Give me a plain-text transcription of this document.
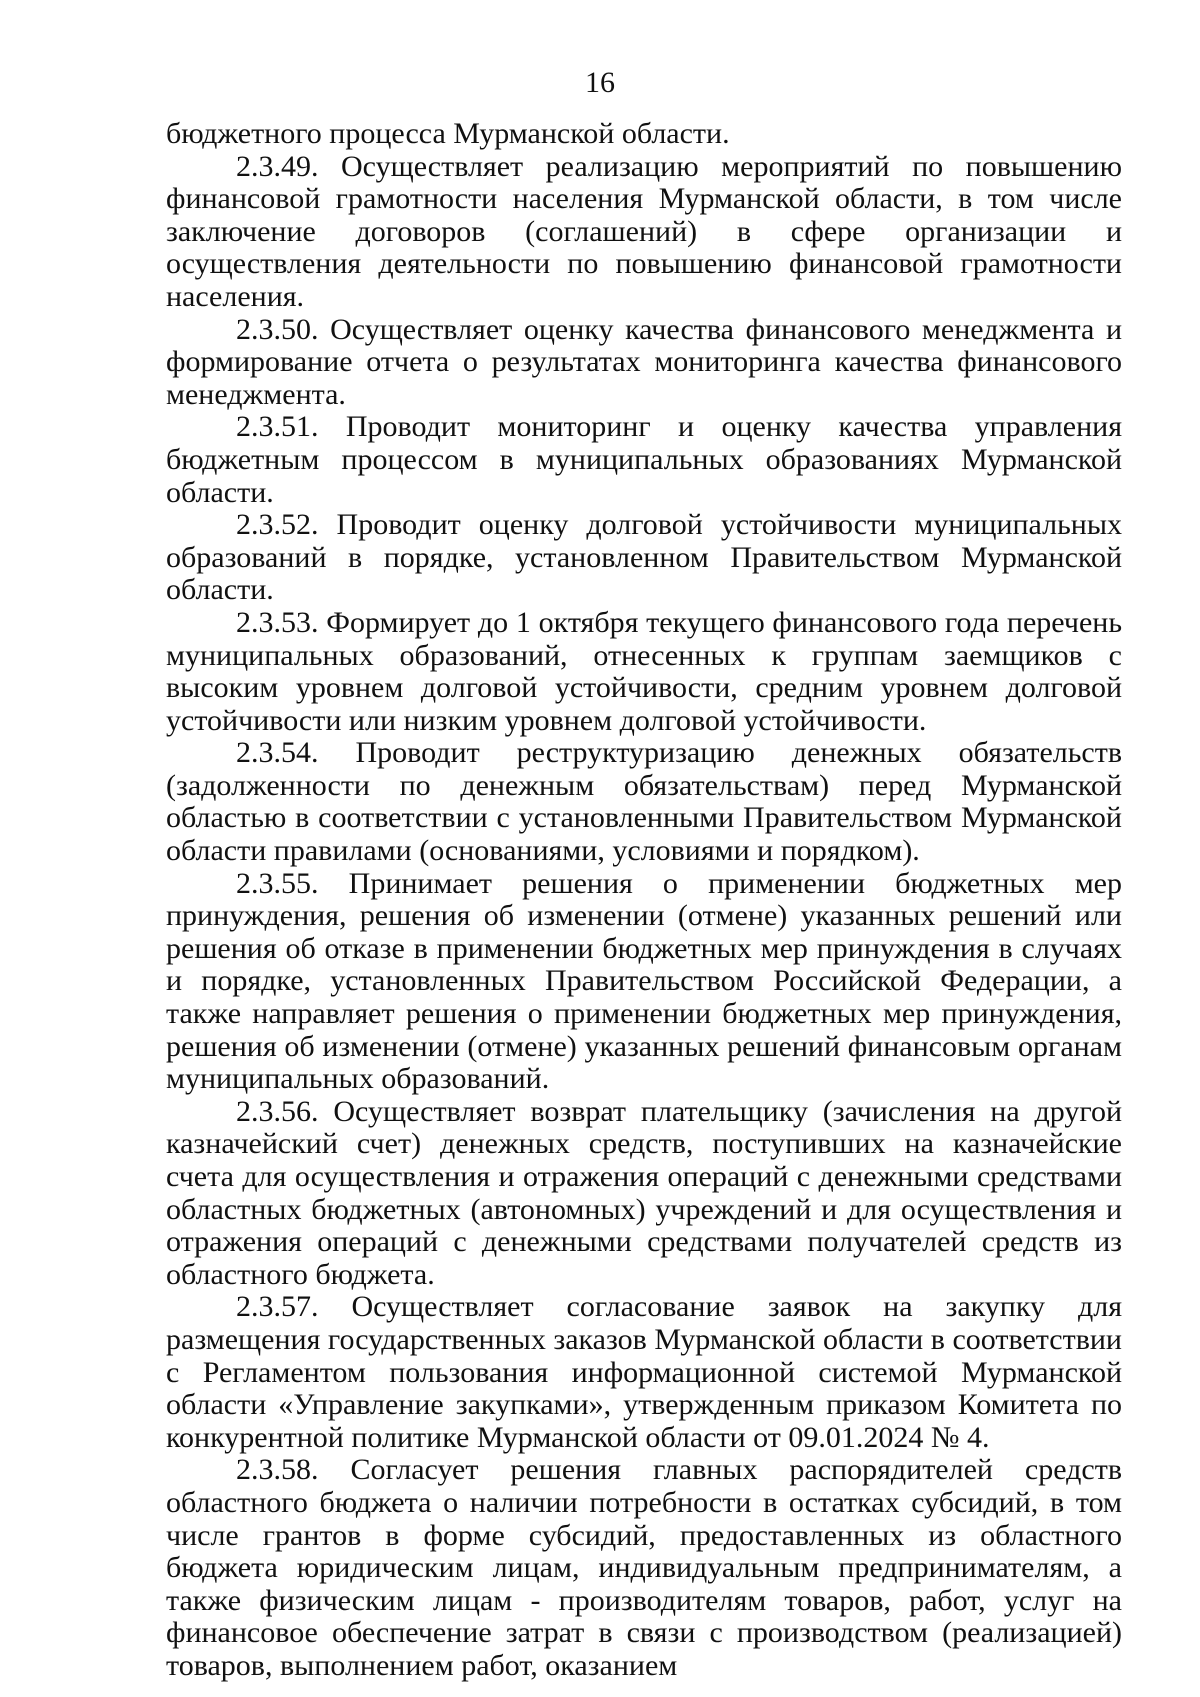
16

бюджетного процесса Мурманской области.

2.3.49. Осуществляет реализацию мероприятий по повышению финансовой грамотности населения Мурманской области, в том числе заключение договоров (соглашений) в сфере организации и осуществления деятельности по повышению финансовой грамотности населения.

2.3.50. Осуществляет оценку качества финансового менеджмента и формирование отчета о результатах мониторинга качества финансового менеджмента.

2.3.51. Проводит мониторинг и оценку качества управления бюджетным процессом в муниципальных образованиях Мурманской области.

2.3.52. Проводит оценку долговой устойчивости муниципальных образований в порядке, установленном Правительством Мурманской области.

2.3.53. Формирует до 1 октября текущего финансового года перечень муниципальных образований, отнесенных к группам заемщиков с высоким уровнем долговой устойчивости, средним уровнем долговой устойчивости или низким уровнем долговой устойчивости.

2.3.54. Проводит реструктуризацию денежных обязательств (задолженности по денежным обязательствам) перед Мурманской областью в соответствии с установленными Правительством Мурманской области правилами (основаниями, условиями и порядком).

2.3.55. Принимает решения о применении бюджетных мер принуждения, решения об изменении (отмене) указанных решений или решения об отказе в применении бюджетных мер принуждения в случаях и порядке, установленных Правительством Российской Федерации, а также направляет решения о применении бюджетных мер принуждения, решения об изменении (отмене) указанных решений финансовым органам муниципальных образований.

2.3.56. Осуществляет возврат плательщику (зачисления на другой казначейский счет) денежных средств, поступивших на казначейские счета для осуществления и отражения операций с денежными средствами областных бюджетных (автономных) учреждений и для осуществления и отражения операций с денежными средствами получателей средств из областного бюджета.

2.3.57. Осуществляет согласование заявок на закупку для размещения государственных заказов Мурманской области в соответствии с Регламентом пользования информационной системой Мурманской области «Управление закупками», утвержденным приказом Комитета по конкурентной политике Мурманской области от 09.01.2024 № 4.

2.3.58. Согласует решения главных распорядителей средств областного бюджета о наличии потребности в остатках субсидий, в том числе грантов в форме субсидий, предоставленных из областного бюджета юридическим лицам, индивидуальным предпринимателям, а также физическим лицам - производителям товаров, работ, услуг на финансовое обеспечение затрат в связи с производством (реализацией) товаров, выполнением работ, оказанием
